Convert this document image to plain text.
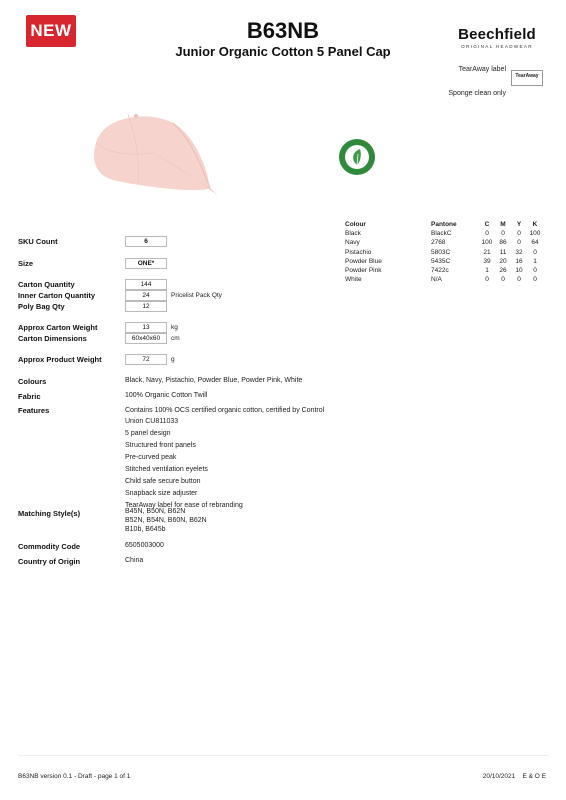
NEW	B63NB
Junior Organic Cotton 5 Panel Cap
Beechfield
ORIGINAL HEADWEAR
TearAway label
TearAway
Sponge clean only
Colour	Pantone	C	M	Y	K
Black	BlackC	0	0	0	100
Navy	2768	100	86	0	64
Pistachio	5803C	21	11	32	0
Powder Blue	5435C	39	20	16	1
Powder Pink	7422c	1	26	10	0
White	N/A	0	0	0	0
SKU Count	6
Size	ONE*
Carton Quantity	144
Inner Carton Quantity	24	Pricelist Pack Qty
Poly Bag Qty	12
Approx Carton Weight	13	kg
Carton Dimensions	60x40x60	cm
Approx Product Weight	72	g
Colours	Black, Navy, Pistachio, Powder Blue, Powder Pink, White
Fabric	100% Organic Cotton Twill
Features	Contains 100% OCS certified organic cotton, certified by Control Union CU811033
5 panel design
Structured front panels
Pre-curved peak
Stitched ventilation eyelets
Child safe secure button
Snapback size adjuster
TearAway label for ease of rebranding
Matching Style(s)	B45N, B50N, B62N
B52N, B54N, B60N, B62N
B10b, B645b
Commodity Code	6505003000
Country of Origin	China
B63NB version 0.1 - Draft - page 1 of 1	20/10/2021 E & O E
